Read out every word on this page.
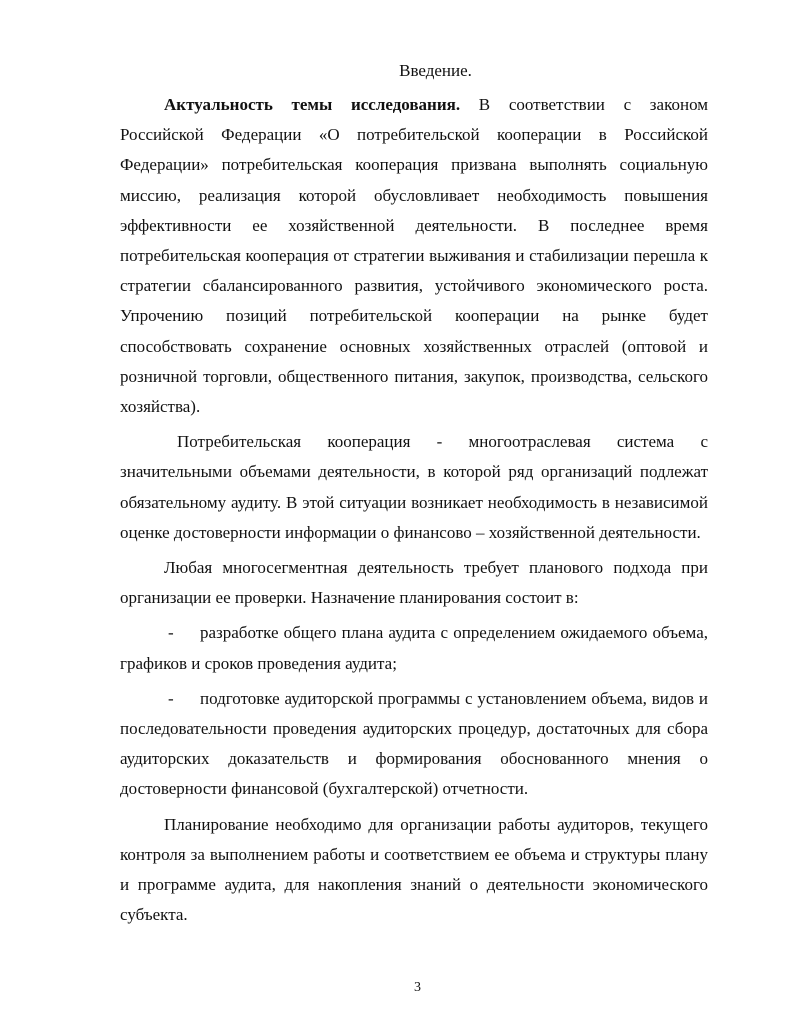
Введение.

Актуальность темы исследования. В соответствии с законом Российской Федерации «О потребительской кооперации в Российской Федерации» потребительская кооперация призвана выполнять социальную миссию, реализация которой обусловливает необходимость повышения эффективности ее хозяйственной деятельности. В последнее время потребительская кооперация от стратегии выживания и стабилизации перешла к стратегии сбалансированного развития, устойчивого экономического роста. Упрочению позиций потребительской кооперации на рынке будет способствовать сохранение основных хозяйственных отраслей (оптовой и розничной торговли, общественного питания, закупок, производства, сельского хозяйства).

Потребительская кооперация - многоотраслевая система с значительными объемами деятельности, в которой ряд организаций подлежат обязательному аудиту. В этой ситуации возникает необходимость в независимой оценке достоверности информации о финансово – хозяйственной деятельности.

Любая многосегментная деятельность требует планового подхода при организации ее проверки. Назначение планирования состоит в:

- разработке общего плана аудита с определением ожидаемого объема, графиков и сроков проведения аудита;
- подготовке аудиторской программы с установлением объема, видов и последовательности проведения аудиторских процедур, достаточных для сбора аудиторских доказательств и формирования обоснованного мнения о достоверности финансовой (бухгалтерской) отчетности.

Планирование необходимо для организации работы аудиторов, текущего контроля за выполнением работы и соответствием ее объема и структуры плану и программе аудита, для накопления знаний о деятельности экономического субъекта.

3
